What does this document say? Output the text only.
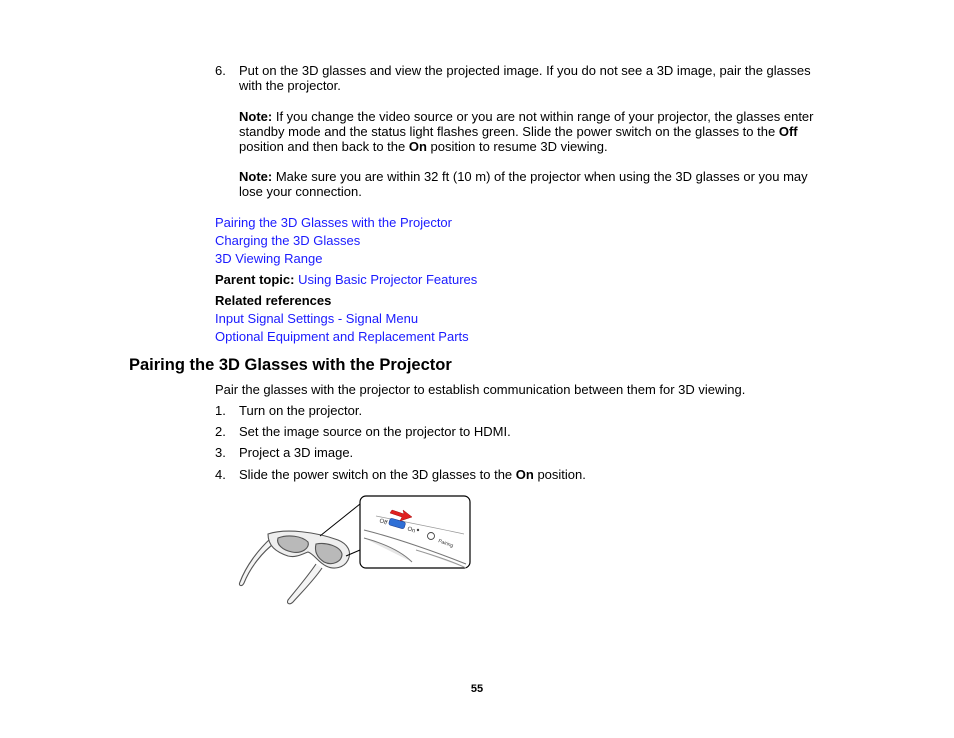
6. Put on the 3D glasses and view the projected image. If you do not see a 3D image, pair the glasses with the projector.
Note: If you change the video source or you are not within range of your projector, the glasses enter standby mode and the status light flashes green. Slide the power switch on the glasses to the Off position and then back to the On position to resume 3D viewing.
Note: Make sure you are within 32 ft (10 m) of the projector when using the 3D glasses or you may lose your connection.
Pairing the 3D Glasses with the Projector
Charging the 3D Glasses
3D Viewing Range
Parent topic: Using Basic Projector Features
Related references
Input Signal Settings - Signal Menu
Optional Equipment and Replacement Parts
Pairing the 3D Glasses with the Projector
Pair the glasses with the projector to establish communication between them for 3D viewing.
1. Turn on the projector.
2. Set the image source on the projector to HDMI.
3. Project a 3D image.
4. Slide the power switch on the 3D glasses to the On position.
Off
On
Pairing
55
